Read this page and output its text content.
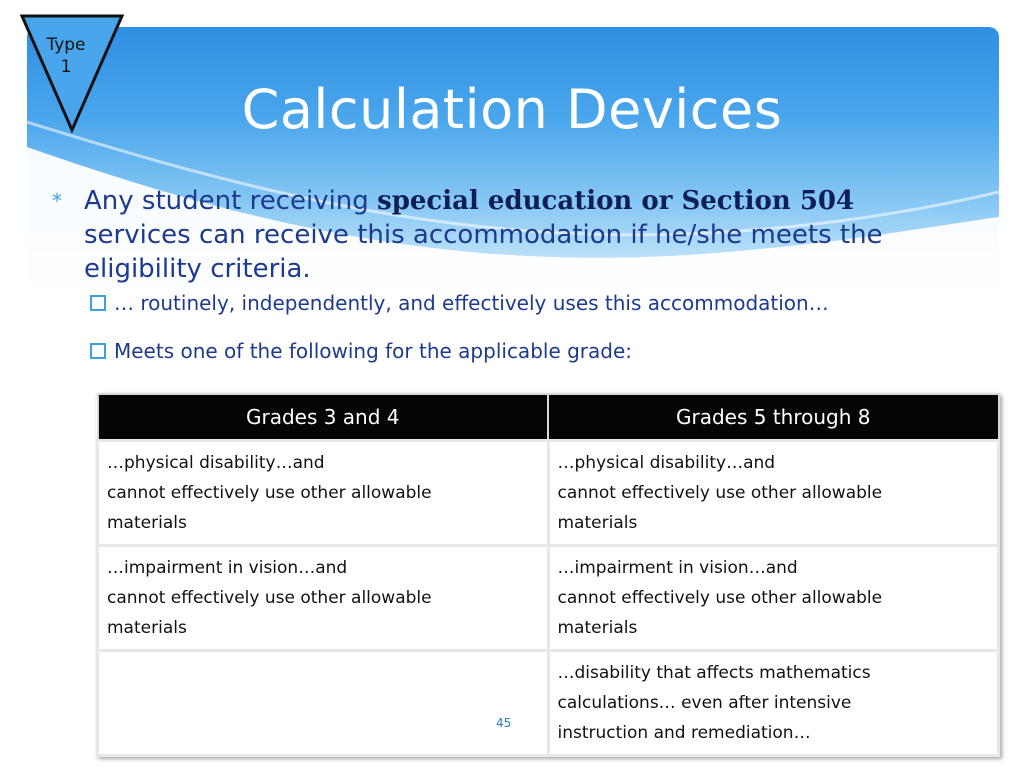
Calculation Devices
Type
1
* Any student receiving special education or Section 504
services can receive this accommodation if he/she meets the
eligibility criteria.
… routinely, independently, and effectively uses this accommodation…
Meets one of the following for the applicable grade:
Grades 3 and 4	Grades 5 through 8

…physical disability…and
cannot effectively use other allowable
materials	…physical disability…and
cannot effectively use other allowable
materials

…impairment in vision…and
cannot effectively use other allowable
materials	…impairment in vision…and
cannot effectively use other allowable
materials

	…disability that affects mathematics
calculations… even after intensive
instruction and remediation…
45
